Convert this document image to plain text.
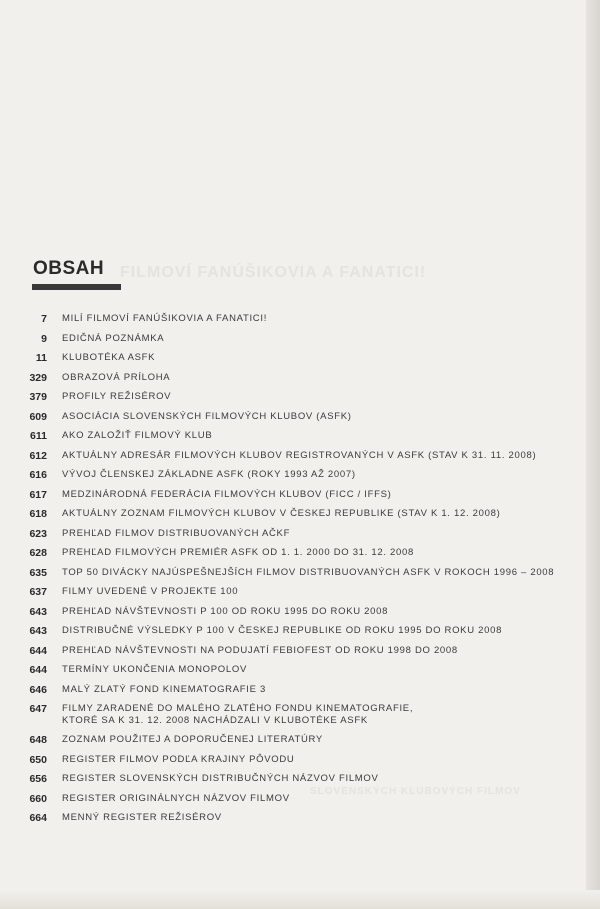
FILMOVÍ FANÚŠIKOVIA A FANATICI!
SLOVENSKÝCH KLUBOVÝCH FILMOV
OBSAH
7	MILÍ FILMOVÍ FANÚŠIKOVIA A FANATICI!
9	EDIČNÁ POZNÁMKA
11	KLUBOTÉKA ASFK
329	OBRAZOVÁ PRÍLOHA
379	PROFILY REŽISÉROV
609	ASOCIÁCIA SLOVENSKÝCH FILMOVÝCH KLUBOV (ASFK)
611	AKO ZALOŽIŤ FILMOVÝ KLUB
612	AKTUÁLNY ADRESÁR FILMOVÝCH KLUBOV REGISTROVANÝCH V ASFK (STAV K 31. 11. 2008)
616	VÝVOJ ČLENSKEJ ZÁKLADNE ASFK (ROKY 1993 AŽ 2007)
617	MEDZINÁRODNÁ FEDERÁCIA FILMOVÝCH KLUBOV (FICC / IFFS)
618	AKTUÁLNY ZOZNAM FILMOVÝCH KLUBOV V ČESKEJ REPUBLIKE (STAV K 1. 12. 2008)
623	PREHĽAD FILMOV DISTRIBUOVANÝCH AČKF
628	PREHĽAD FILMOVÝCH PREMIÉR ASFK OD 1. 1. 2000 DO 31. 12. 2008
635	TOP 50 DIVÁCKY NAJÚSPEŠNEJŠÍCH FILMOV DISTRIBUOVANÝCH ASFK V ROKOCH 1996 – 2008
637	FILMY UVEDENÉ V PROJEKTE 100
643	PREHĽAD NÁVŠTEVNOSTI P 100 OD ROKU 1995 DO ROKU 2008
643	DISTRIBUČNÉ VÝSLEDKY P 100 V ČESKEJ REPUBLIKE OD ROKU 1995 DO ROKU 2008
644	PREHĽAD NÁVŠTEVNOSTI NA PODUJATÍ FEBIOFEST OD ROKU 1998 DO 2008
644	TERMÍNY UKONČENIA MONOPOLOV
646	MALÝ ZLATÝ FOND KINEMATOGRAFIE 3
647	FILMY ZARADENÉ DO MALÉHO ZLATÉHO FONDU KINEMATOGRAFIE,
KTORÉ SA K 31. 12. 2008 NACHÁDZALI V KLUBOTÉKE ASFK
648	ZOZNAM POUŽITEJ A DOPORUČENEJ LITERATÚRY
650	REGISTER FILMOV PODĽA KRAJINY PÔVODU
656	REGISTER SLOVENSKÝCH DISTRIBUČNÝCH NÁZVOV FILMOV
660	REGISTER ORIGINÁLNYCH NÁZVOV FILMOV
664	MENNÝ REGISTER REŽISÉROV
